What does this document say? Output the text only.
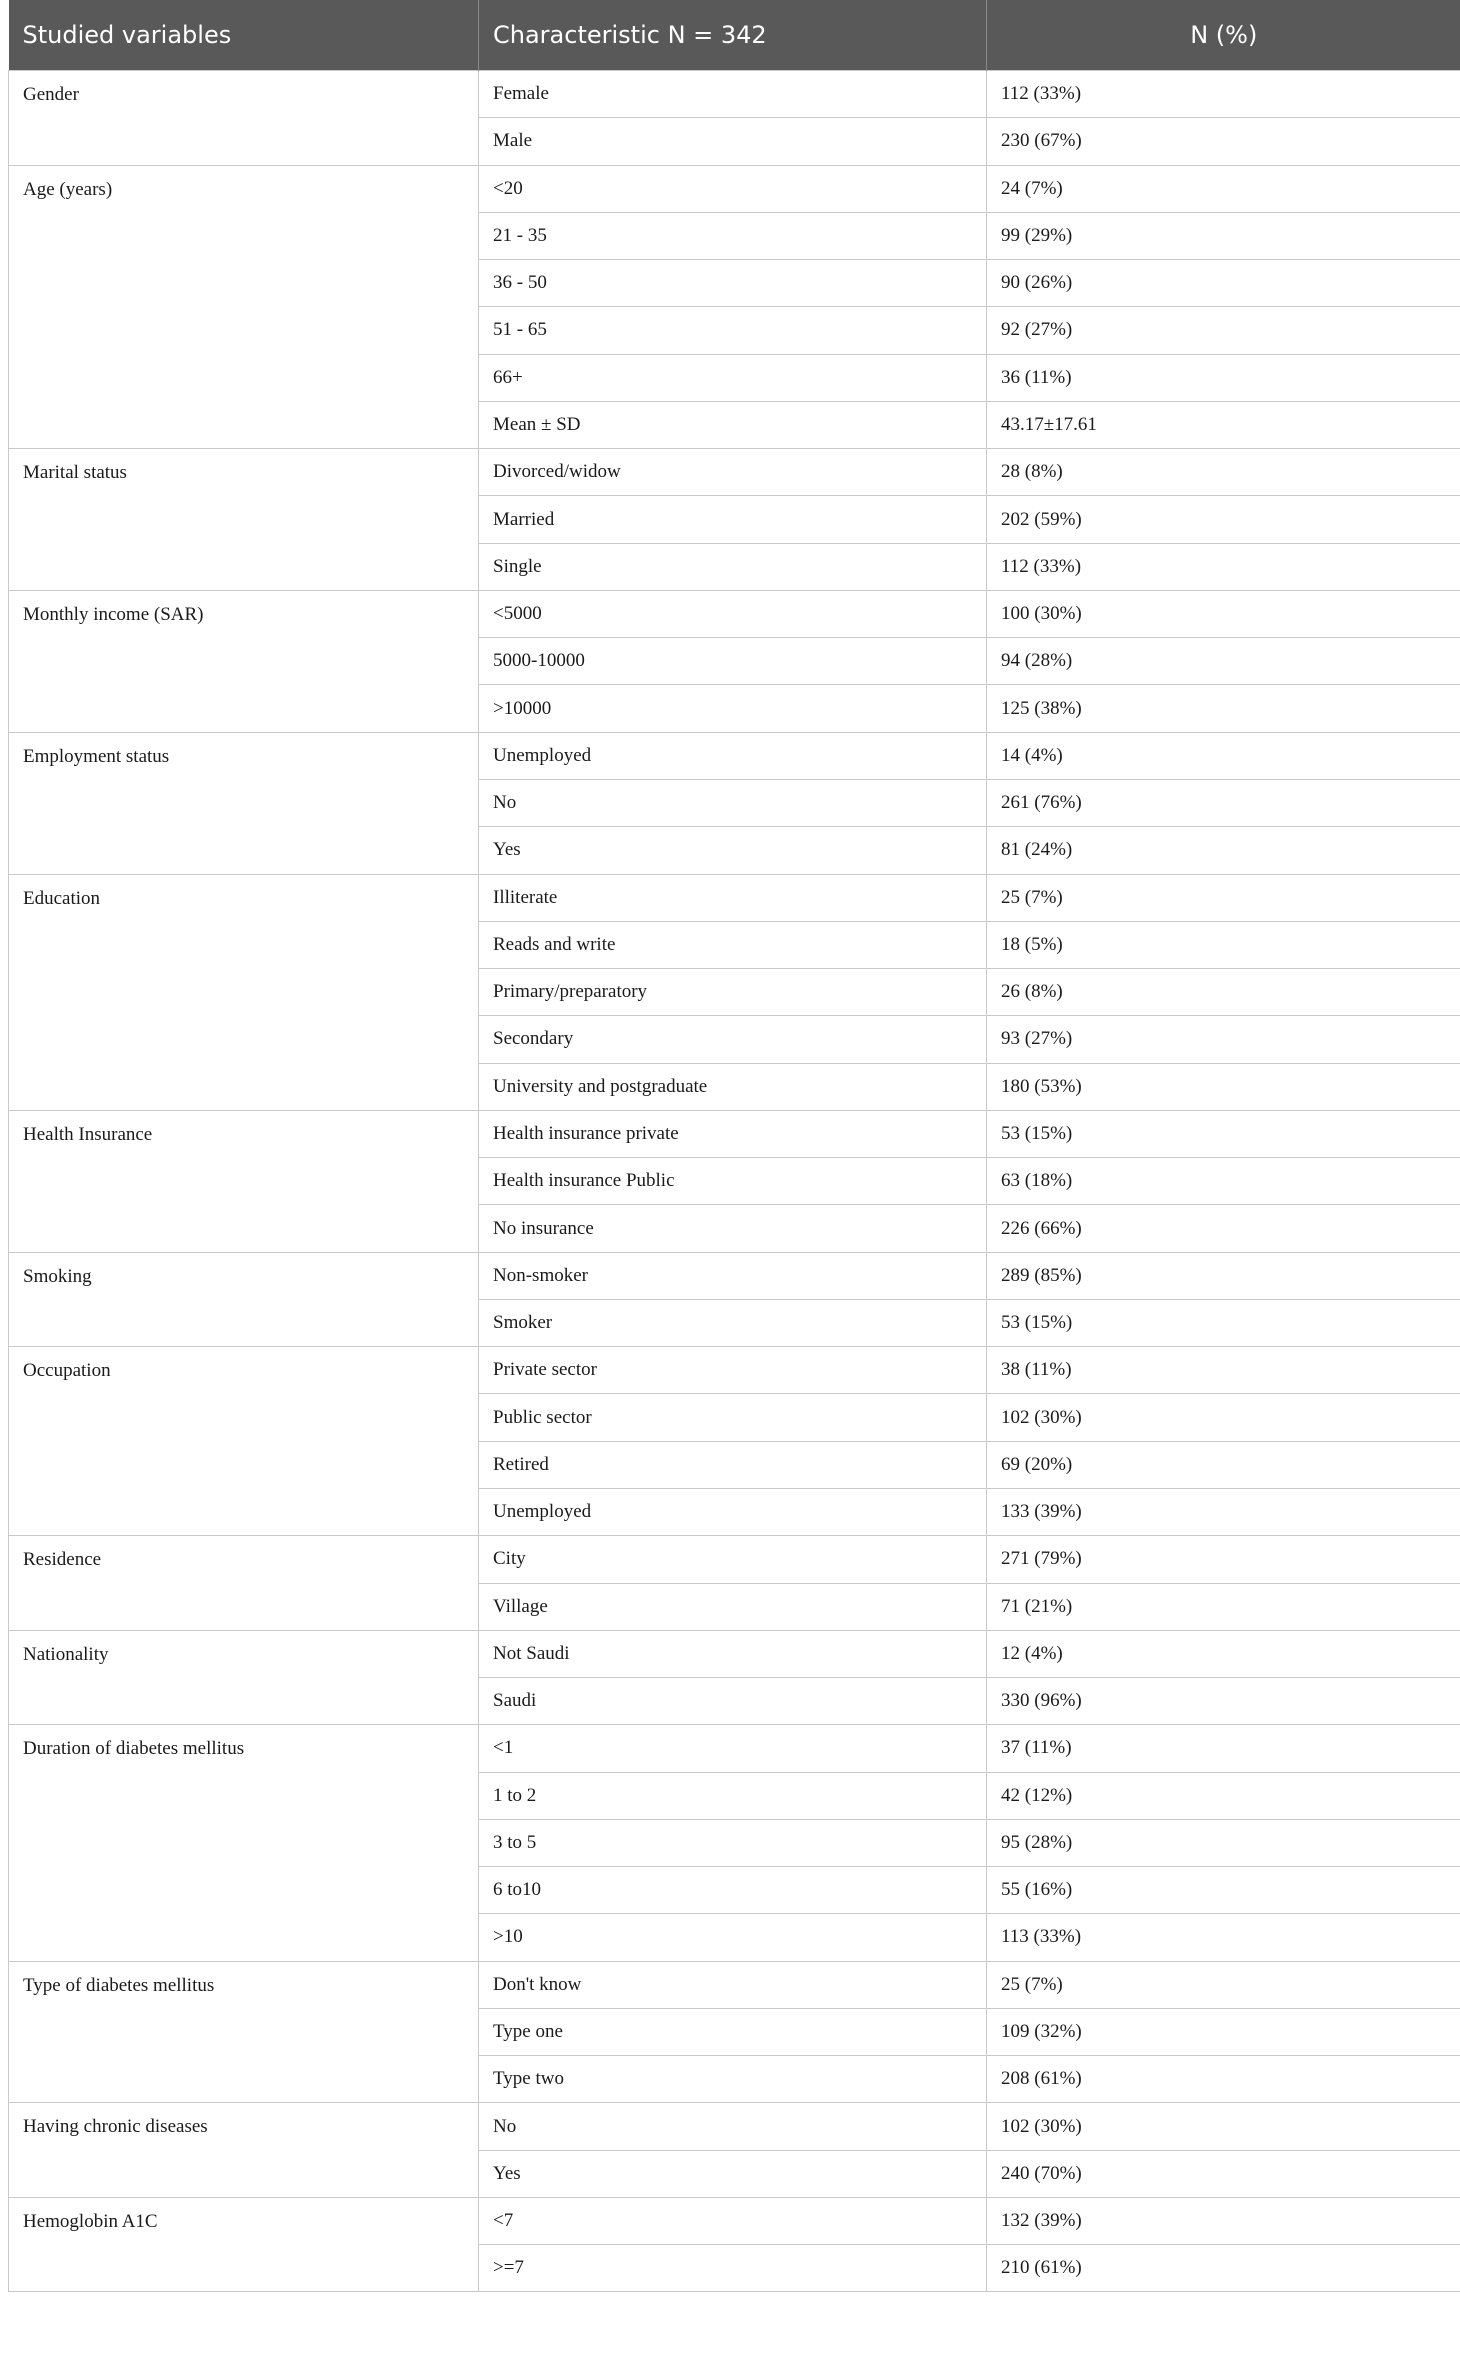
Studied variables	Characteristic N = 342	N (%)
Gender	Female	112 (33%)
	Male	230 (67%)
Age (years)	<20	24 (7%)
	21 - 35	99 (29%)
	36 - 50	90 (26%)
	51 - 65	92 (27%)
	66+	36 (11%)
	Mean ± SD	43.17±17.61
Marital status	Divorced/widow	28 (8%)
	Married	202 (59%)
	Single	112 (33%)
Monthly income (SAR)	<5000	100 (30%)
	5000-10000	94 (28%)
	>10000	125 (38%)
Employment status	Unemployed	14 (4%)
	No	261 (76%)
	Yes	81 (24%)
Education	Illiterate	25 (7%)
	Reads and write	18 (5%)
	Primary/preparatory	26 (8%)
	Secondary	93 (27%)
	University and postgraduate	180 (53%)
Health Insurance	Health insurance private	53 (15%)
	Health insurance Public	63 (18%)
	No insurance	226 (66%)
Smoking	Non-smoker	289 (85%)
	Smoker	53 (15%)
Occupation	Private sector	38 (11%)
	Public sector	102 (30%)
	Retired	69 (20%)
	Unemployed	133 (39%)
Residence	City	271 (79%)
	Village	71 (21%)
Nationality	Not Saudi	12 (4%)
	Saudi	330 (96%)
Duration of diabetes mellitus	<1	37 (11%)
	1 to 2	42 (12%)
	3 to 5	95 (28%)
	6 to10	55 (16%)
	>10	113 (33%)
Type of diabetes mellitus	Don't know	25 (7%)
	Type one	109 (32%)
	Type two	208 (61%)
Having chronic diseases	No	102 (30%)
	Yes	240 (70%)
Hemoglobin A1C	<7	132 (39%)
	>=7	210 (61%)
